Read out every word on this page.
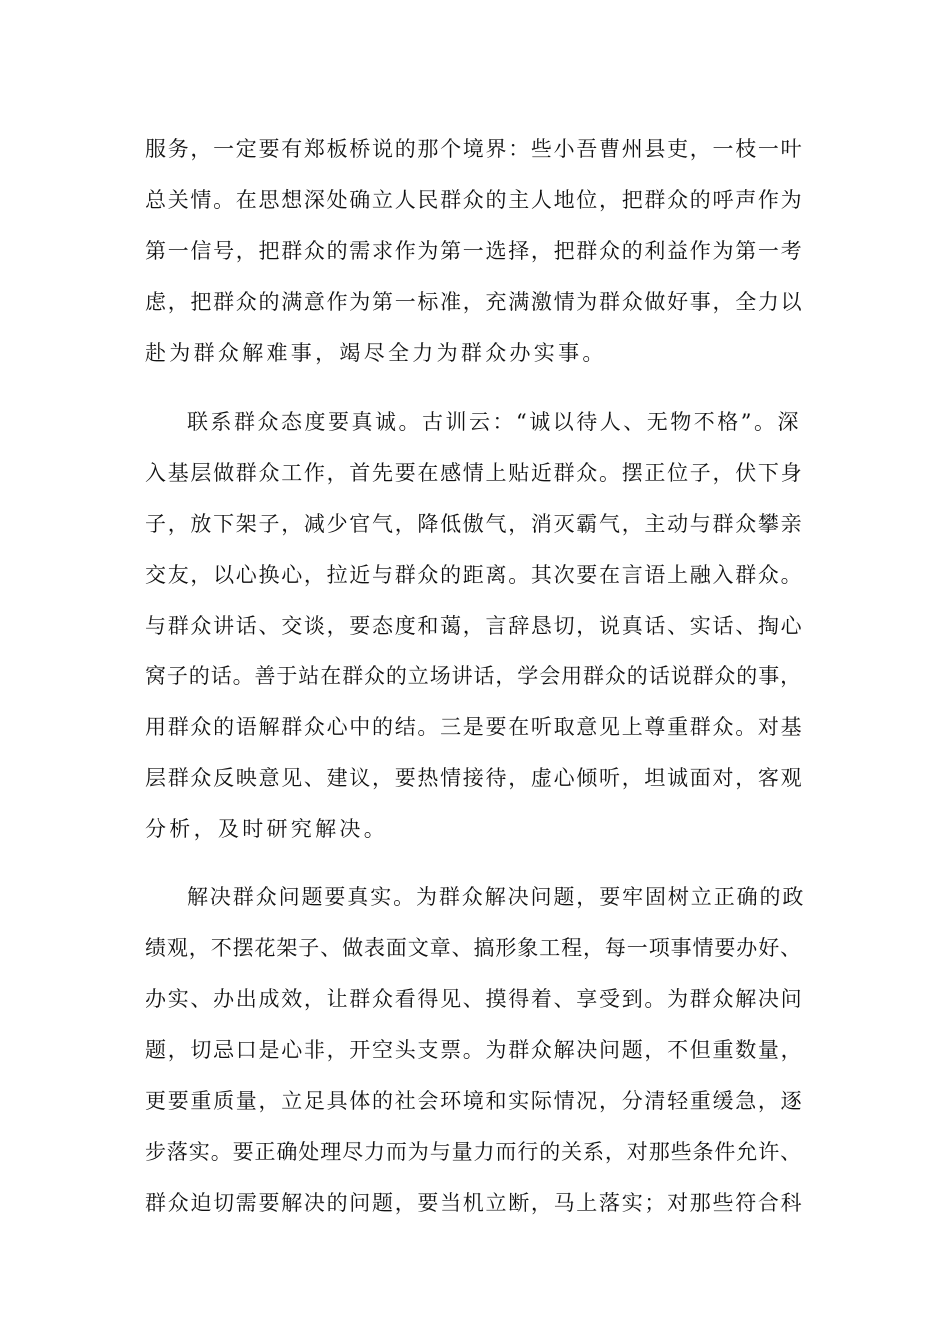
服务，一定要有郑板桥说的那个境界：些小吾曹州县吏，一枝一叶
总关情。在思想深处确立人民群众的主人地位，把群众的呼声作为
第一信号，把群众的需求作为第一选择，把群众的利益作为第一考
虑，把群众的满意作为第一标准，充满激情为群众做好事，全力以
赴为群众解难事，竭尽全力为群众办实事。
联系群众态度要真诚。古训云：“诚以待人、无物不格”。深
入基层做群众工作，首先要在感情上贴近群众。摆正位子，伏下身
子，放下架子，减少官气，降低傲气，消灭霸气，主动与群众攀亲
交友，以心换心，拉近与群众的距离。其次要在言语上融入群众。
与群众讲话、交谈，要态度和蔼，言辞恳切，说真话、实话、掏心
窝子的话。善于站在群众的立场讲话，学会用群众的话说群众的事，
用群众的语解群众心中的结。三是要在听取意见上尊重群众。对基
层群众反映意见、建议，要热情接待，虚心倾听，坦诚面对，客观
分析，及时研究解决。
解决群众问题要真实。为群众解决问题，要牢固树立正确的政
绩观，不摆花架子、做表面文章、搞形象工程，每一项事情要办好、
办实、办出成效，让群众看得见、摸得着、享受到。为群众解决问
题，切忌口是心非，开空头支票。为群众解决问题，不但重数量，
更要重质量，立足具体的社会环境和实际情况，分清轻重缓急，逐
步落实。要正确处理尽力而为与量力而行的关系，对那些条件允许、
群众迫切需要解决的问题，要当机立断，马上落实；对那些符合科
